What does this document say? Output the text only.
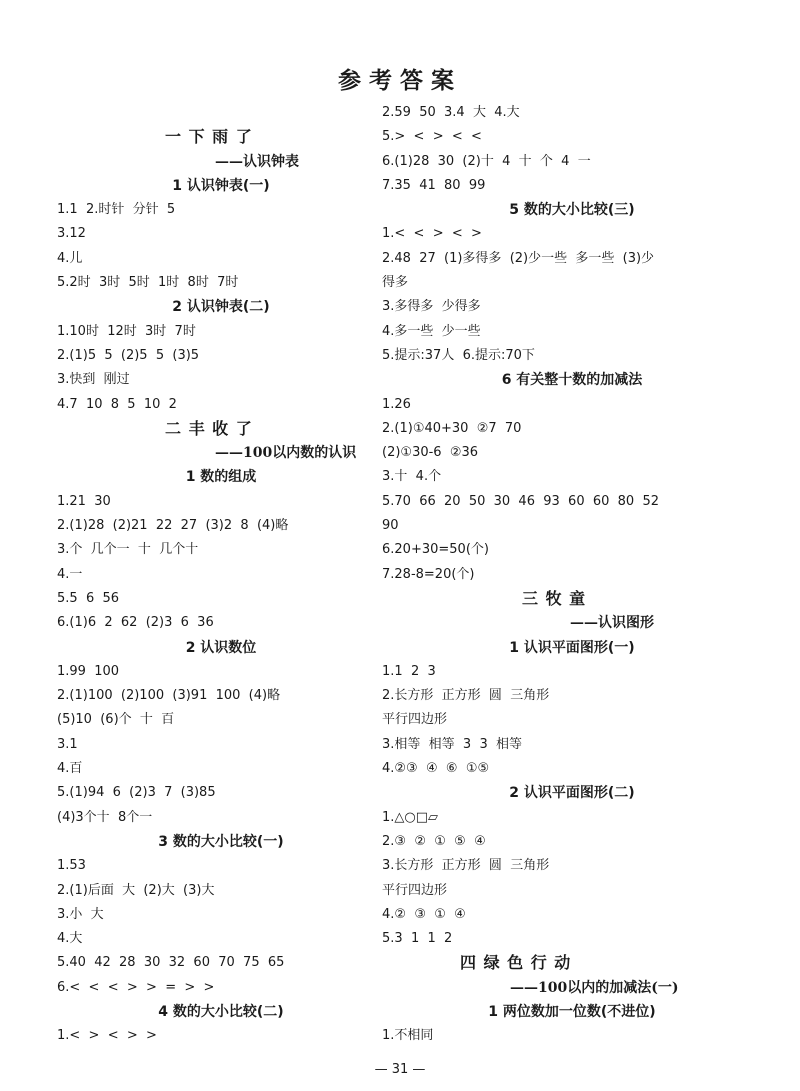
参考答案
一 下 雨 了
——认识钟表
1 认识钟表(一)
1.1  2.时针  分针  5
3.12
4.儿
5.2时  3时  5时  1时  8时  7时
2 认识钟表(二)
1.10时  12时  3时  7时
2.(1)5  5  (2)5  5  (3)5
3.快到  刚过
4.7  10  8  5  10  2
二 丰 收 了
——100以内数的认识
1 数的组成
1.21  30
2.(1)28  (2)21  22  27  (3)2  8  (4)略
3.个  几个一  十  几个十
4.一
5.5  6  56
6.(1)6  2  62  (2)3  6  36
2 认识数位
1.99  100
2.(1)100  (2)100  (3)91  100  (4)略
(5)10  (6)个  十  百
3.1
4.百
5.(1)94  6  (2)3  7  (3)85
(4)3个十  8个一
3 数的大小比较(一)
1.53
2.(1)后面  大  (2)大  (3)大
3.小  大
4.大
5.40  42  28  30  32  60  70  75  65
6.<  <  <  >  >  =  >  >
4 数的大小比较(二)
1.<  >  <  >  >
2.59  50  3.4  大  4.大
5.>  <  >  <  <
6.(1)28  30  (2)十  4  十  个  4  一
7.35  41  80  99
5 数的大小比较(三)
1.<  <  >  <  >
2.48  27  (1)多得多  (2)少一些  多一些  (3)少
得多
3.多得多  少得多
4.多一些  少一些
5.提示:37人  6.提示:70下
6 有关整十数的加减法
1.26
2.(1)①40+30  ②7  70
(2)①30-6  ②36
3.十  4.个
5.70  66  20  50  30  46  93  60  60  80  52
90
6.20+30=50(个)
7.28-8=20(个)
三 牧 童
——认识图形
1 认识平面图形(一)
1.1  2  3
2.长方形  正方形  圆  三角形
平行四边形
3.相等  相等  3  3  相等
4.②③  ④  ⑥  ①⑤
2 认识平面图形(二)
1.△○□▱
2.③  ②  ①  ⑤  ④
3.长方形  正方形  圆  三角形
平行四边形
4.②  ③  ①  ④
5.3  1  1  2
四 绿 色 行 动
——100以内的加减法(一)
1 两位数加一位数(不进位)
1.不相同
— 31 —
